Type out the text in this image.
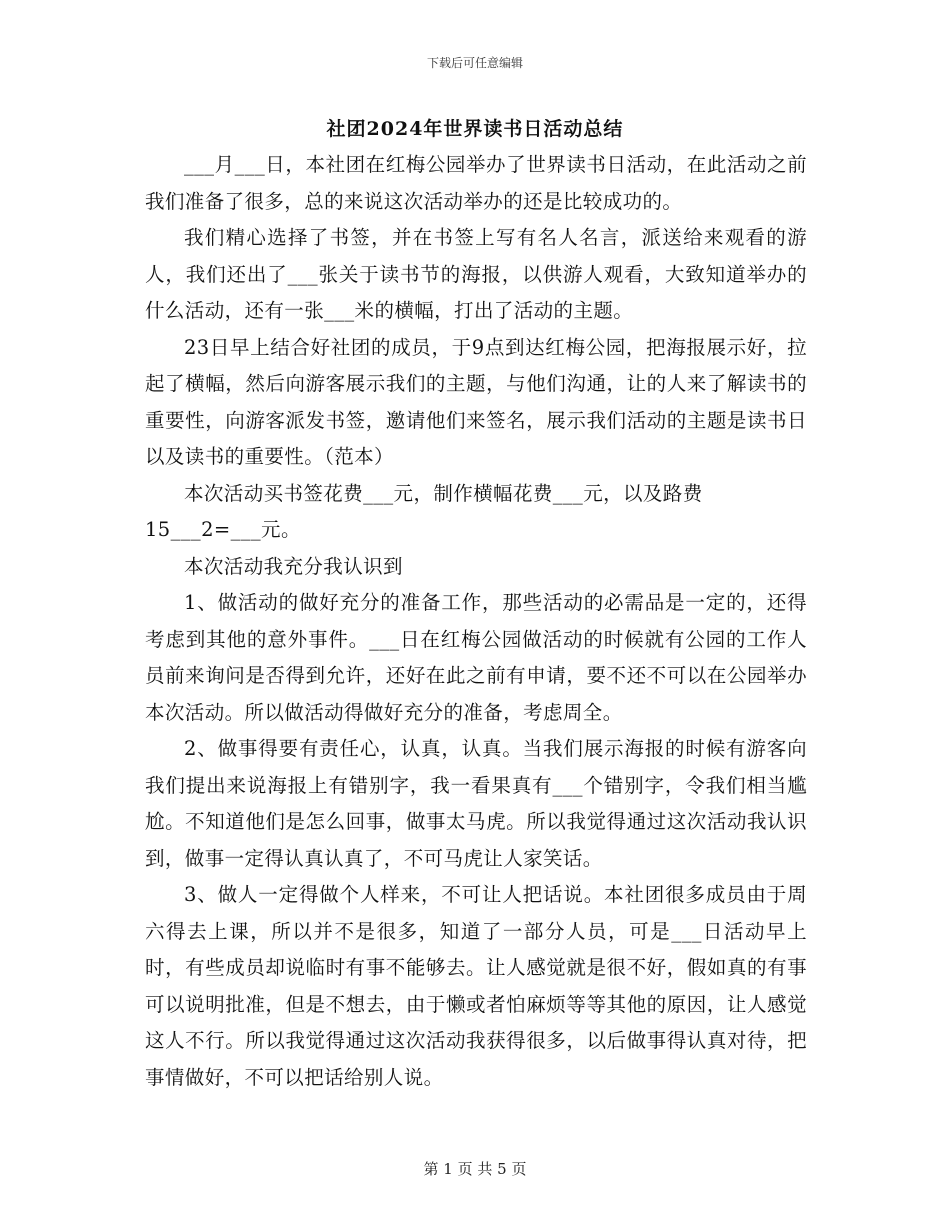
下载后可任意编辑
社团2024年世界读书日活动总结

___月___日，本社团在红梅公园举办了世界读书日活动，在此活动之前我们准备了很多，总的来说这次活动举办的还是比较成功的。

我们精心选择了书签，并在书签上写有名人名言，派送给来观看的游人，我们还出了___张关于读书节的海报，以供游人观看，大致知道举办的什么活动，还有一张___米的横幅，打出了活动的主题。

23日早上结合好社团的成员，于9点到达红梅公园，把海报展示好，拉起了横幅，然后向游客展示我们的主题，与他们沟通，让的人来了解读书的重要性，向游客派发书签，邀请他们来签名，展示我们活动的主题是读书日以及读书的重要性。（范本）

本次活动买书签花费___元，制作横幅花费___元，以及路费

15___2=___元。

本次活动我充分我认识到

1、做活动的做好充分的准备工作，那些活动的必需品是一定的，还得考虑到其他的意外事件。___日在红梅公园做活动的时候就有公园的工作人员前来询问是否得到允许，还好在此之前有申请，要不还不可以在公园举办本次活动。所以做活动得做好充分的准备，考虑周全。

2、做事得要有责任心，认真，认真。当我们展示海报的时候有游客向我们提出来说海报上有错别字，我一看果真有___个错别字，令我们相当尴尬。不知道他们是怎么回事，做事太马虎。所以我觉得通过这次活动我认识到，做事一定得认真认真了，不可马虎让人家笑话。

3、做人一定得做个人样来，不可让人把话说。本社团很多成员由于周六得去上课，所以并不是很多，知道了一部分人员，可是___日活动早上时，有些成员却说临时有事不能够去。让人感觉就是很不好，假如真的有事可以说明批准，但是不想去，由于懒或者怕麻烦等等其他的原因，让人感觉这人不行。所以我觉得通过这次活动我获得很多，以后做事得认真对待，把事情做好，不可以把话给别人说。

第 1 页 共 5 页
